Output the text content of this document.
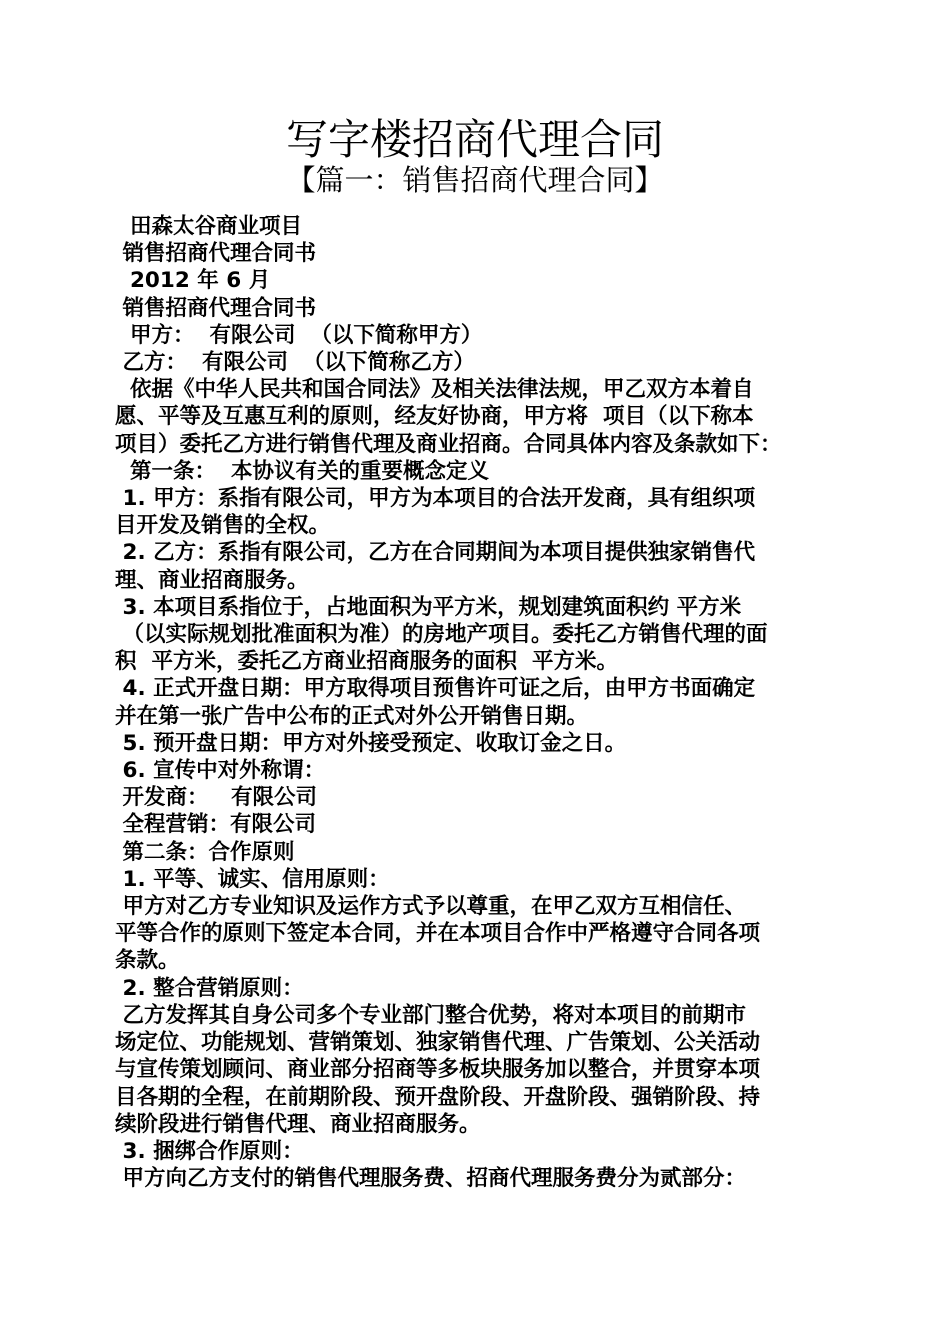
写字楼招商代理合同
【篇一：销售招商代理合同】

田森太谷商业项目

销售招商代理合同书

2012 年 6 月

销售招商代理合同书

甲方：  有限公司  （以下简称甲方）

乙方：  有限公司  （以下简称乙方）

依据《中华人民共和国合同法》及相关法律法规，甲乙双方本着自

愿、平等及互惠互利的原则，经友好协商，甲方将  项目（以下称本

项目）委托乙方进行销售代理及商业招商。合同具体内容及条款如下：

第一条：  本协议有关的重要概念定义

1. 甲方：系指有限公司，甲方为本项目的合法开发商，具有组织项

目开发及销售的全权。

2. 乙方：系指有限公司，乙方在合同期间为本项目提供独家销售代

理、商业招商服务。

3. 本项目系指位于，占地面积为平方米，规划建筑面积约 平方米

（以实际规划批准面积为准）的房地产项目。委托乙方销售代理的面

积  平方米，委托乙方商业招商服务的面积  平方米。

4. 正式开盘日期：甲方取得项目预售许可证之后，由甲方书面确定

并在第一张广告中公布的正式对外公开销售日期。

5. 预开盘日期：甲方对外接受预定、收取订金之日。

6. 宣传中对外称谓：

开发商：   有限公司

全程营销：有限公司

第二条：合作原则

1. 平等、诚实、信用原则：

甲方对乙方专业知识及运作方式予以尊重，在甲乙双方互相信任、

平等合作的原则下签定本合同，并在本项目合作中严格遵守合同各项

条款。

2. 整合营销原则：

乙方发挥其自身公司多个专业部门整合优势，将对本项目的前期市

场定位、功能规划、营销策划、独家销售代理、广告策划、公关活动

与宣传策划顾问、商业部分招商等多板块服务加以整合，并贯穿本项

目各期的全程，在前期阶段、预开盘阶段、开盘阶段、强销阶段、持

续阶段进行销售代理、商业招商服务。

3. 捆绑合作原则：

甲方向乙方支付的销售代理服务费、招商代理服务费分为贰部分：
